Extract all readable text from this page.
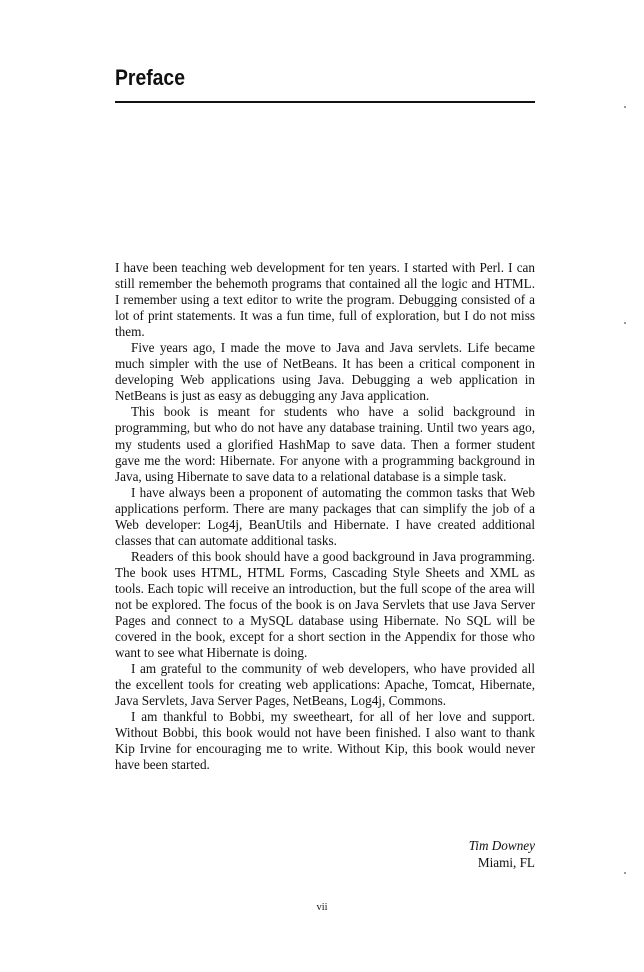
Preface

I have been teaching web development for ten years. I started with Perl. I can still remember the behemoth programs that contained all the logic and HTML. I remember using a text editor to write the program. Debugging consisted of a lot of print statements. It was a fun time, full of exploration, but I do not miss them.

Five years ago, I made the move to Java and Java servlets. Life became much simpler with the use of NetBeans. It has been a critical component in developing Web applications using Java. Debugging a web application in NetBeans is just as easy as debugging any Java application.

This book is meant for students who have a solid background in programming, but who do not have any database training. Until two years ago, my students used a glorified HashMap to save data. Then a former student gave me the word: Hibernate. For anyone with a programming background in Java, using Hibernate to save data to a relational database is a simple task.

I have always been a proponent of automating the common tasks that Web applications perform. There are many packages that can simplify the job of a Web developer: Log4j, BeanUtils and Hibernate. I have created additional classes that can automate additional tasks.

Readers of this book should have a good background in Java programming. The book uses HTML, HTML Forms, Cascading Style Sheets and XML as tools. Each topic will receive an introduction, but the full scope of the area will not be explored. The focus of the book is on Java Servlets that use Java Server Pages and connect to a MySQL database using Hibernate. No SQL will be covered in the book, except for a short section in the Appendix for those who want to see what Hibernate is doing.

I am grateful to the community of web developers, who have provided all the excellent tools for creating web applications: Apache, Tomcat, Hibernate, Java Servlets, Java Server Pages, NetBeans, Log4j, Commons.

I am thankful to Bobbi, my sweetheart, for all of her love and support. Without Bobbi, this book would not have been finished. I also want to thank Kip Irvine for encouraging me to write. Without Kip, this book would never have been started.

Tim Downey
Miami, FL
vii
